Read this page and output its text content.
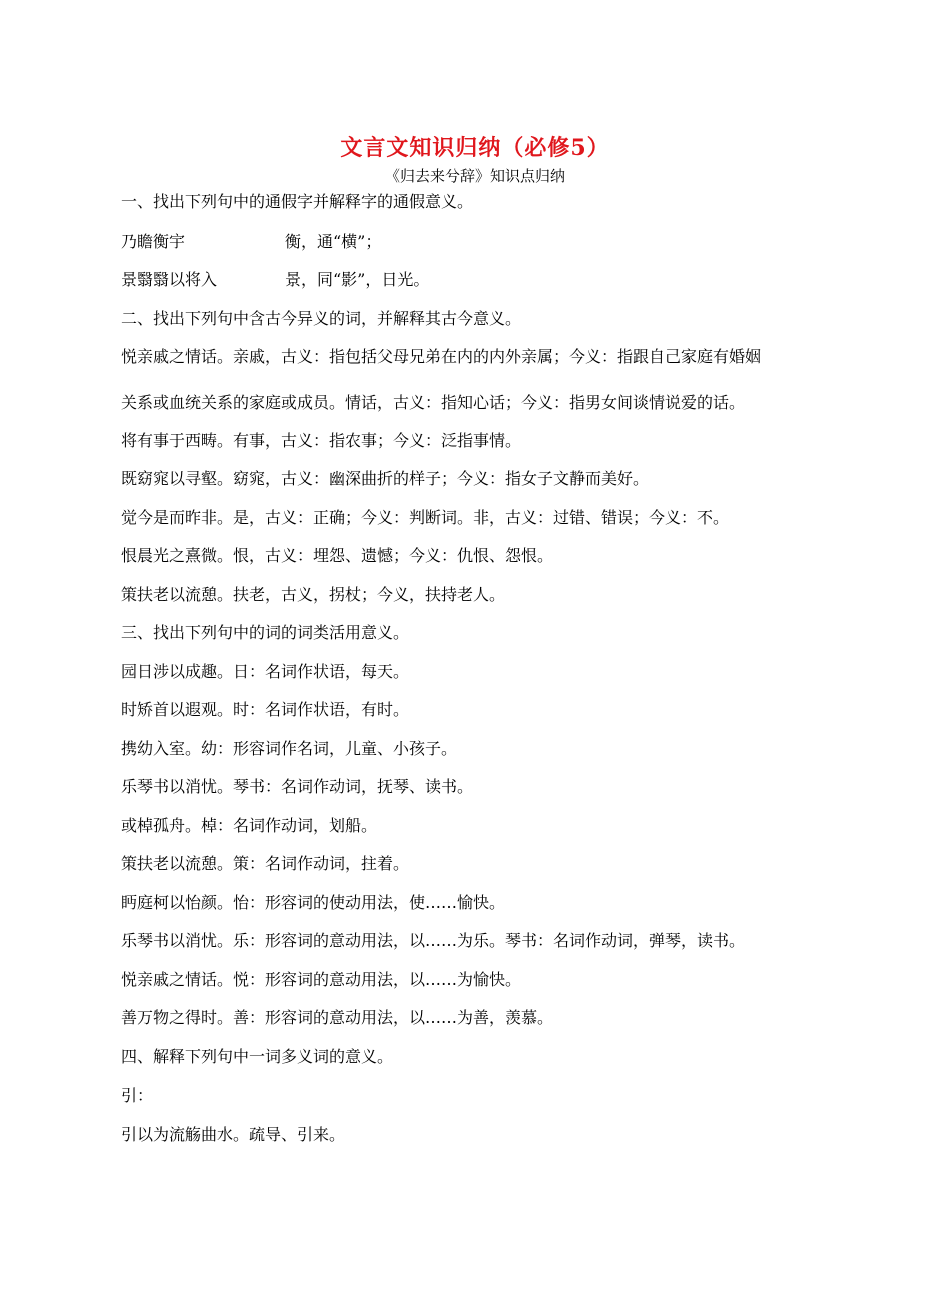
文言文知识归纳（必修5）
《归去来兮辞》知识点归纳
一、找出下列句中的通假字并解释字的通假意义。
乃瞻衡宇	衡，通“横”；
景翳翳以将入	景，同“影”，日光。
二、找出下列句中含古今异义的词，并解释其古今意义。
悦亲戚之情话。亲戚，古义：指包括父母兄弟在内的内外亲属；今义：指跟自己家庭有婚姻
关系或血统关系的家庭或成员。情话，古义：指知心话；今义：指男女间谈情说爱的话。
将有事于西畴。有事，古义：指农事；今义：泛指事情。
既窈窕以寻壑。窈窕，古义：幽深曲折的样子；今义：指女子文静而美好。
觉今是而昨非。是，古义：正确；今义：判断词。非，古义：过错、错误；今义：不。
恨晨光之熹微。恨，古义：埋怨、遗憾；今义：仇恨、怨恨。
策扶老以流憩。扶老，古义，拐杖；今义，扶持老人。
三、找出下列句中的词的词类活用意义。
园日涉以成趣。日：名词作状语，每天。
时矫首以遐观。时：名词作状语，有时。
携幼入室。幼：形容词作名词，儿童、小孩子。
乐琴书以消忧。琴书：名词作动词，抚琴、读书。
或棹孤舟。棹：名词作动词，划船。
策扶老以流憩。策：名词作动词，拄着。
眄庭柯以怡颜。怡：形容词的使动用法，使……愉快。
乐琴书以消忧。乐：形容词的意动用法，以……为乐。琴书：名词作动词，弹琴，读书。
悦亲戚之情话。悦：形容词的意动用法，以……为愉快。
善万物之得时。善：形容词的意动用法，以……为善，羡慕。
四、解释下列句中一词多义词的意义。
引：
引以为流觞曲水。疏导、引来。
